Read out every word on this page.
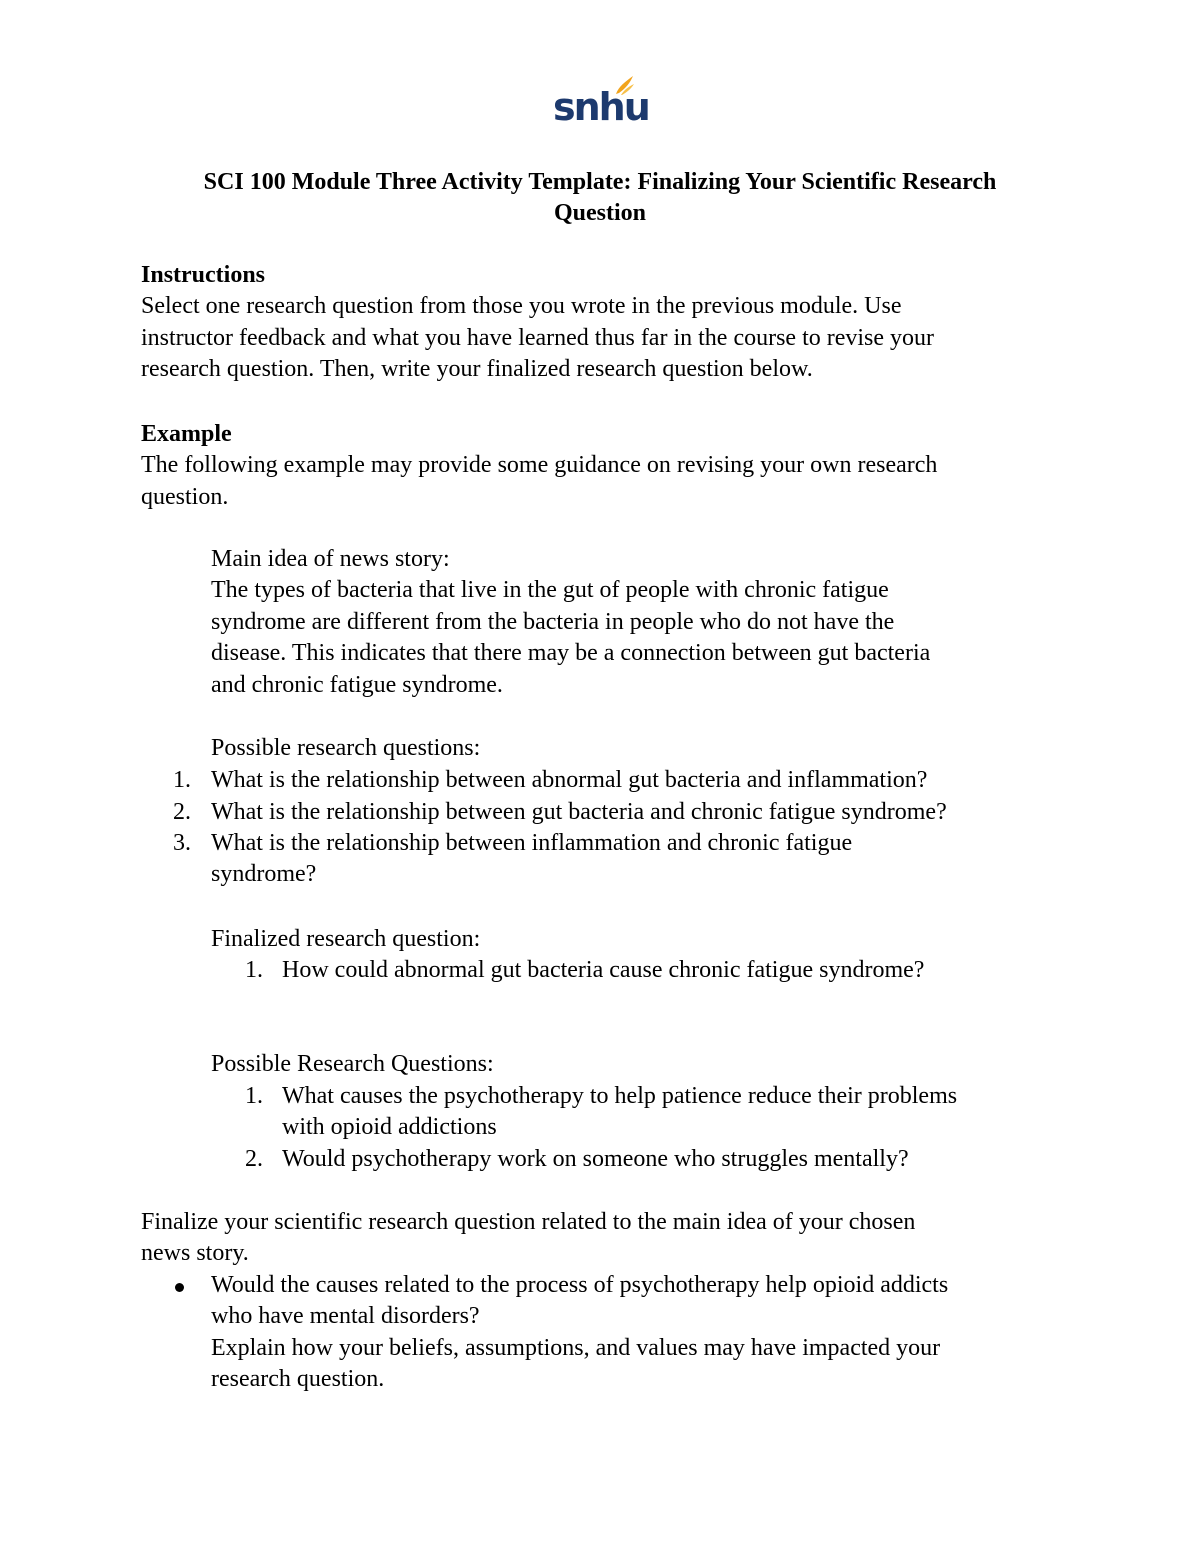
snhu
SCI 100 Module Three Activity Template: Finalizing Your Scientific Research
Question
Instructions
Select one research question from those you wrote in the previous module. Use
instructor feedback and what you have learned thus far in the course to revise your
research question. Then, write your finalized research question below.
Example
The following example may provide some guidance on revising your own research
question.
Main idea of news story:
The types of bacteria that live in the gut of people with chronic fatigue
syndrome are different from the bacteria in people who do not have the
disease. This indicates that there may be a connection between gut bacteria
and chronic fatigue syndrome.
Possible research questions:
1. What is the relationship between abnormal gut bacteria and inflammation?
2. What is the relationship between gut bacteria and chronic fatigue syndrome?
3. What is the relationship between inflammation and chronic fatigue
syndrome?
Finalized research question:
1. How could abnormal gut bacteria cause chronic fatigue syndrome?
Possible Research Questions:
1. What causes the psychotherapy to help patience reduce their problems
with opioid addictions
2. Would psychotherapy work on someone who struggles mentally?
Finalize your scientific research question related to the main idea of your chosen
news story.
Would the causes related to the process of psychotherapy help opioid addicts
who have mental disorders?
Explain how your beliefs, assumptions, and values may have impacted your
research question.
